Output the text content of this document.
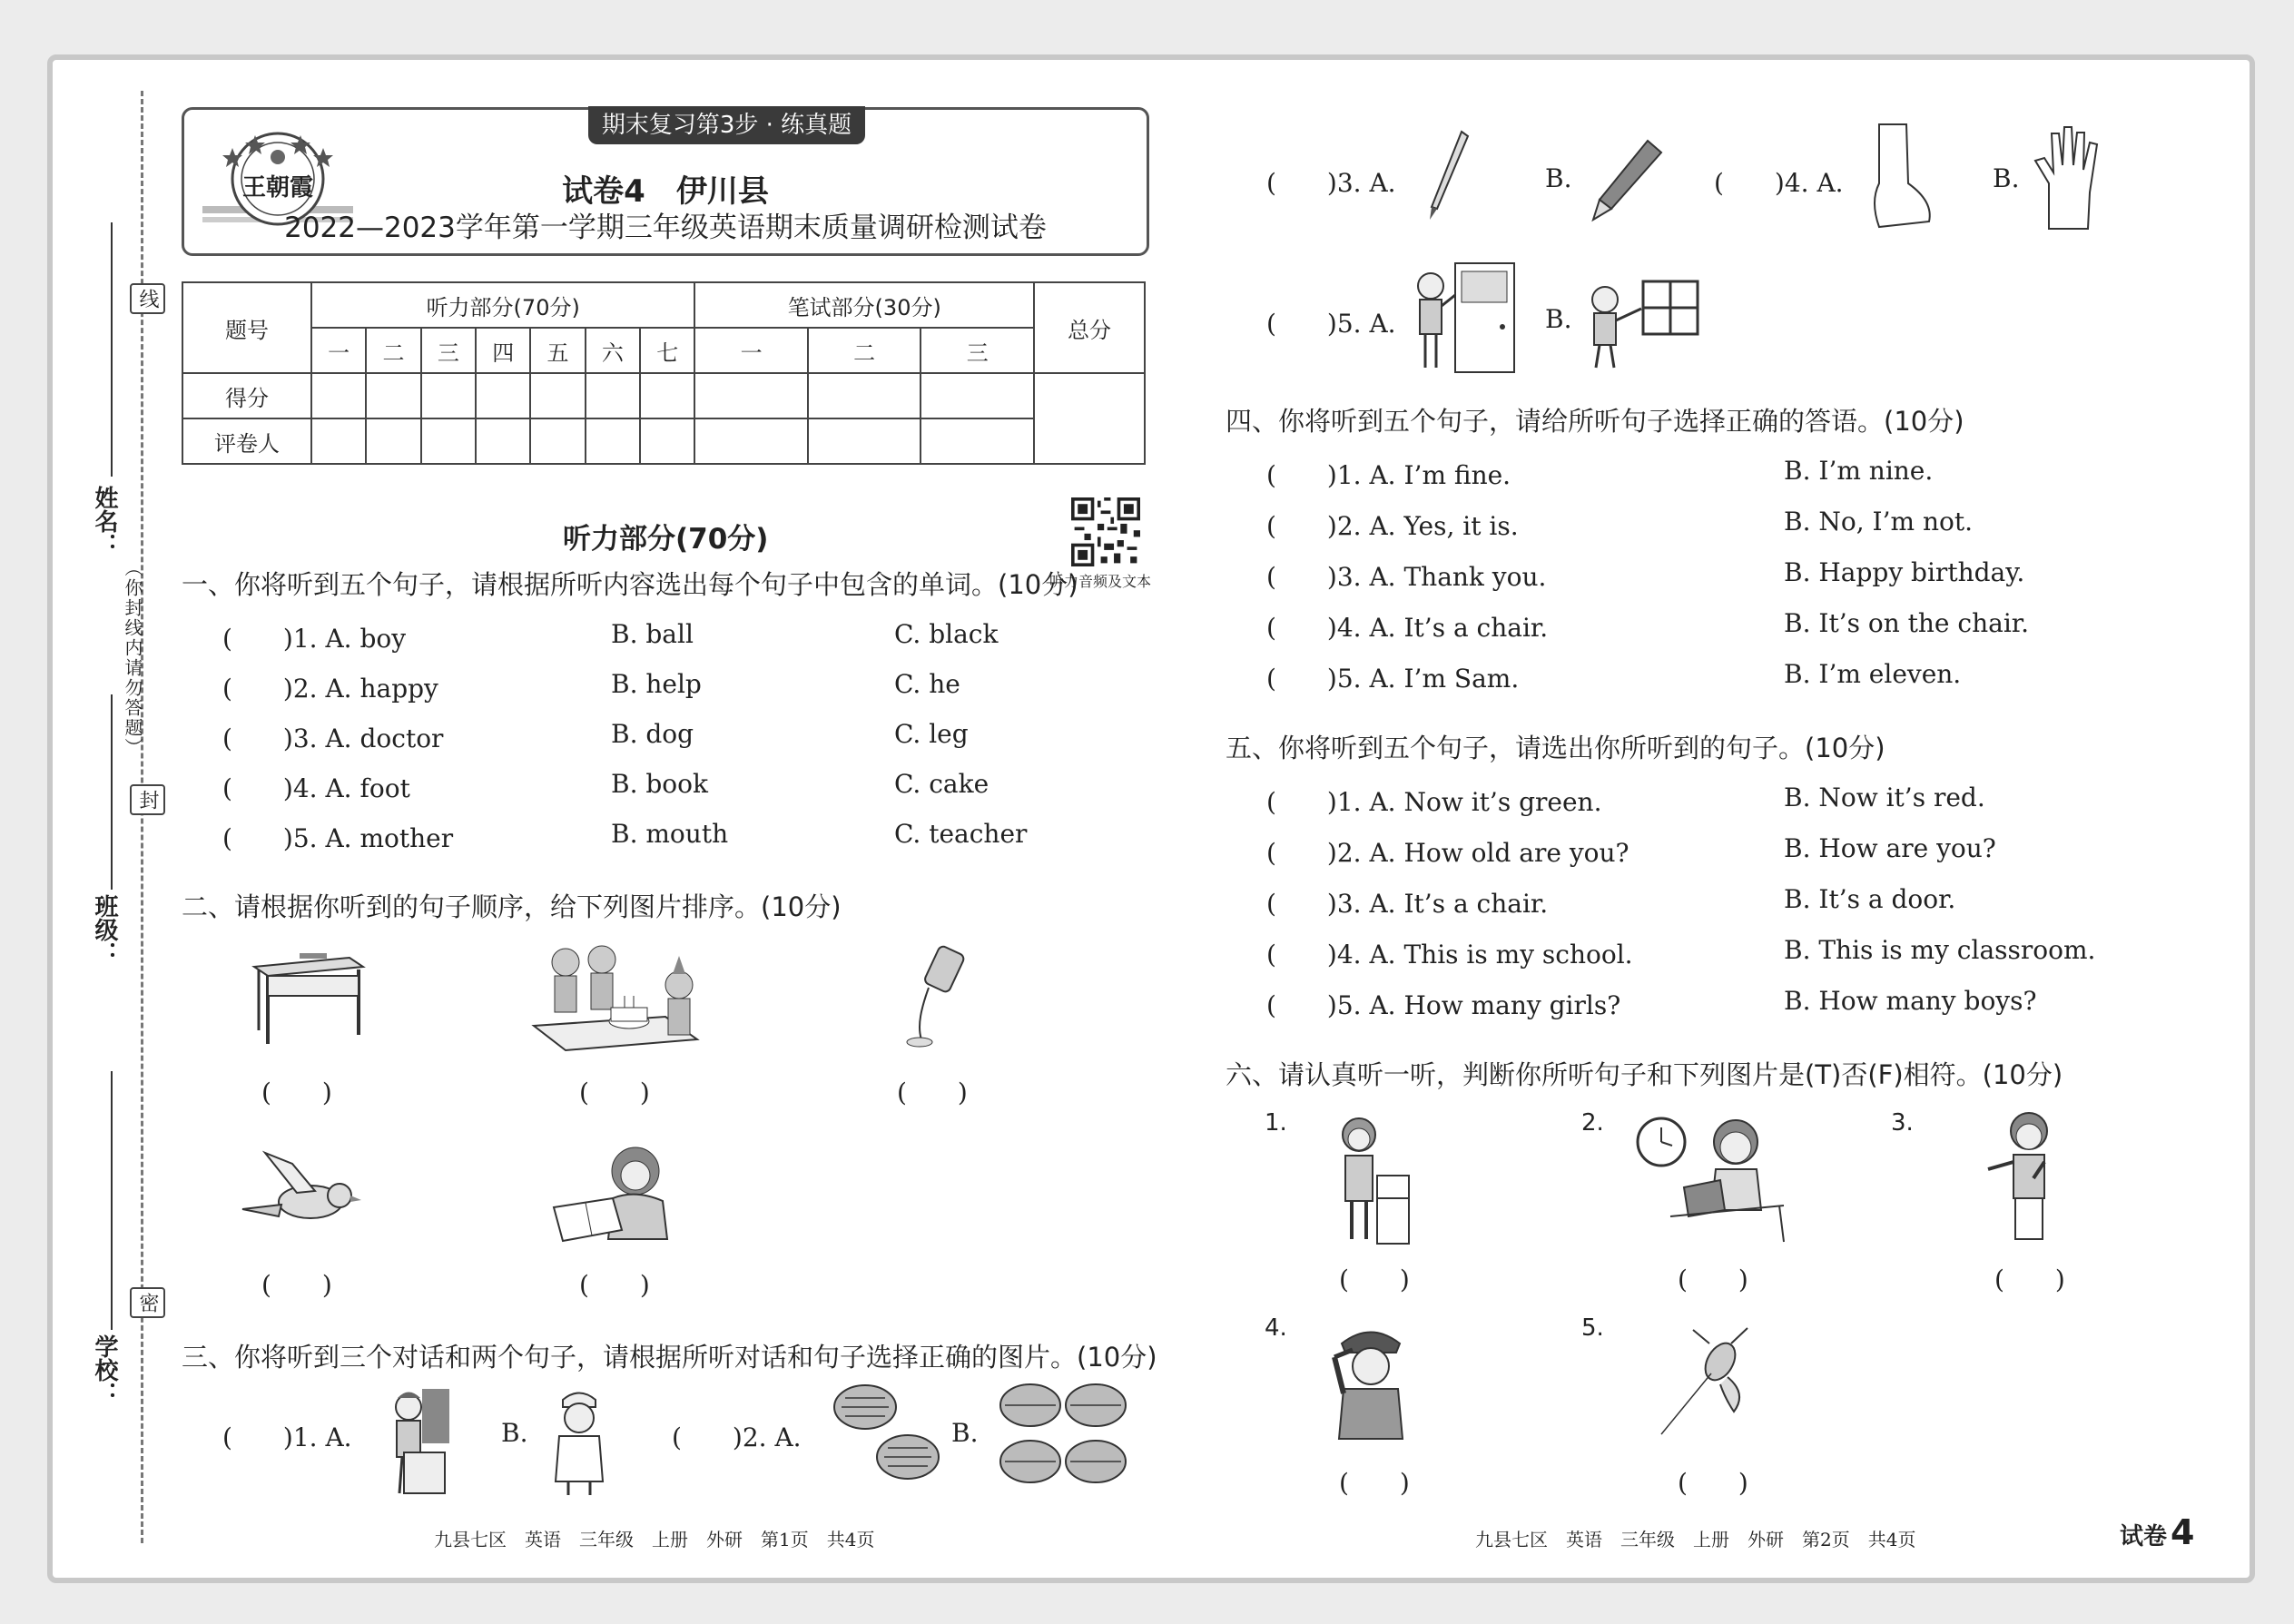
线
封
密
（你封线内请勿答题）
姓名：
班级：
学校：
期末复习第3步 · 练真题
王朝霞	试卷4　伊川县
2022—2023学年第一学期三年级英语期末质量调研检测试卷
题号	听力部分(70分)							笔试部分(30分)			总分
	一	二	三	四	五	六	七	一	二	三	
得分											
评卷人											
听力部分(70分)
听力音频及文本
一、你将听到五个句子，请根据所听内容选出每个句子中包含的单词。(10分)
(　　)1. A. boy	B. ball	C. black
(　　)2. A. happy	B. help	C. he
(　　)3. A. doctor	B. dog	C. leg
(　　)4. A. foot	B. book	C. cake
(　　)5. A. mother	B. mouth	C. teacher
二、请根据你听到的句子顺序，给下列图片排序。(10分)
(　　)	(　　)	(　　)
(　　)	(　　)
三、你将听到三个对话和两个句子，请根据所听对话和句子选择正确的图片。(10分)
(　　)1. A.	B.	(　　)2. A.	B.
(　　)3. A.	B.	(　　)4. A.	B.
(　　)5. A.	B.
四、你将听到五个句子，请给所听句子选择正确的答语。(10分)
(　　)1. A. I’m fine.	B. I’m nine.
(　　)2. A. Yes, it is.	B. No, I’m not.
(　　)3. A. Thank you.	B. Happy birthday.
(　　)4. A. It’s a chair.	B. It’s on the chair.
(　　)5. A. I’m Sam.	B. I’m eleven.
五、你将听到五个句子，请选出你所听到的句子。(10分)
(　　)1. A. Now it’s green.	B. Now it’s red.
(　　)2. A. How old are you?	B. How are you?
(　　)3. A. It’s a chair.	B. It’s a door.
(　　)4. A. This is my school.	B. This is my classroom.
(　　)5. A. How many girls?	B. How many boys?
六、请认真听一听，判断你所听句子和下列图片是(T)否(F)相符。(10分)
1.	2.	3.
(　　)	(　　)	(　　)
4.	5.
(　　)	(　　)
九县七区　英语　三年级　上册　外研　第1页　共4页	九县七区　英语　三年级　上册　外研　第2页　共4页	试卷 4
